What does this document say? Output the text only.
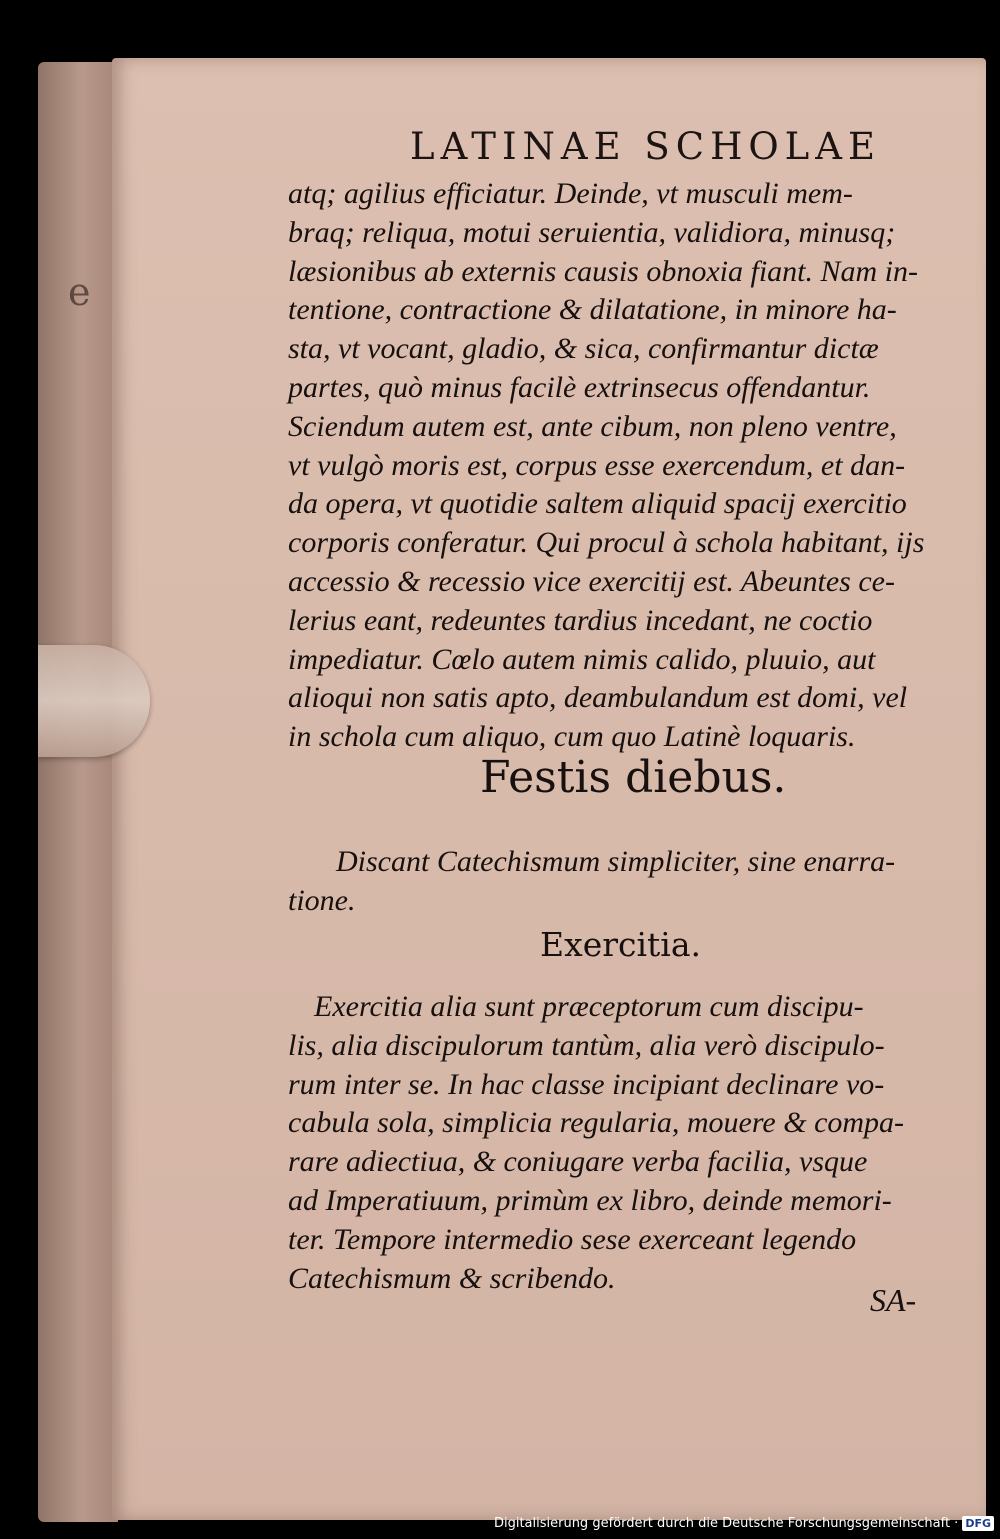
e
LATINAE SCHOLAE
atq; agilius efficiatur. Deinde, vt musculi mem-
braq; reliqua, motui seruientia, validiora, minusq;
læsionibus ab externis causis obnoxia fiant. Nam in-
tentione, contractione & dilatatione, in minore ha-
sta, vt vocant, gladio, & sica, confirmantur dictæ
partes, quò minus facilè extrinsecus offendantur.
Sciendum autem est, ante cibum, non pleno ventre,
vt vulgò moris est, corpus esse exercendum, et dan-
da opera, vt quotidie saltem aliquid spacij exercitio
corporis conferatur. Qui procul à schola habitant, ijs
accessio & recessio vice exercitij est. Abeuntes ce-
lerius eant, redeuntes tardius incedant, ne coctio
impediatur. Cœlo autem nimis calido, pluuio, aut
alioqui non satis apto, deambulandum est domi, vel
in schola cum aliquo, cum quo Latinè loquaris.
Festis diebus.
Discant Catechismum simpliciter, sine enarra-
tione.
Exercitia.
Exercitia alia sunt præceptorum cum discipu-
lis, alia discipulorum tantùm, alia verò discipulo-
rum inter se. In hac classe incipiant declinare vo-
cabula sola, simplicia regularia, mouere & compa-
rare adiectiua, & coniugare verba facilia, vsque
ad Imperatiuum, primùm ex libro, deinde memori-
ter. Tempore intermedio sese exerceant legendo
Catechismum & scribendo.
SA-
Digitalisierung gefördert durch die Deutsche Forschungsgemeinschaft · DFG
